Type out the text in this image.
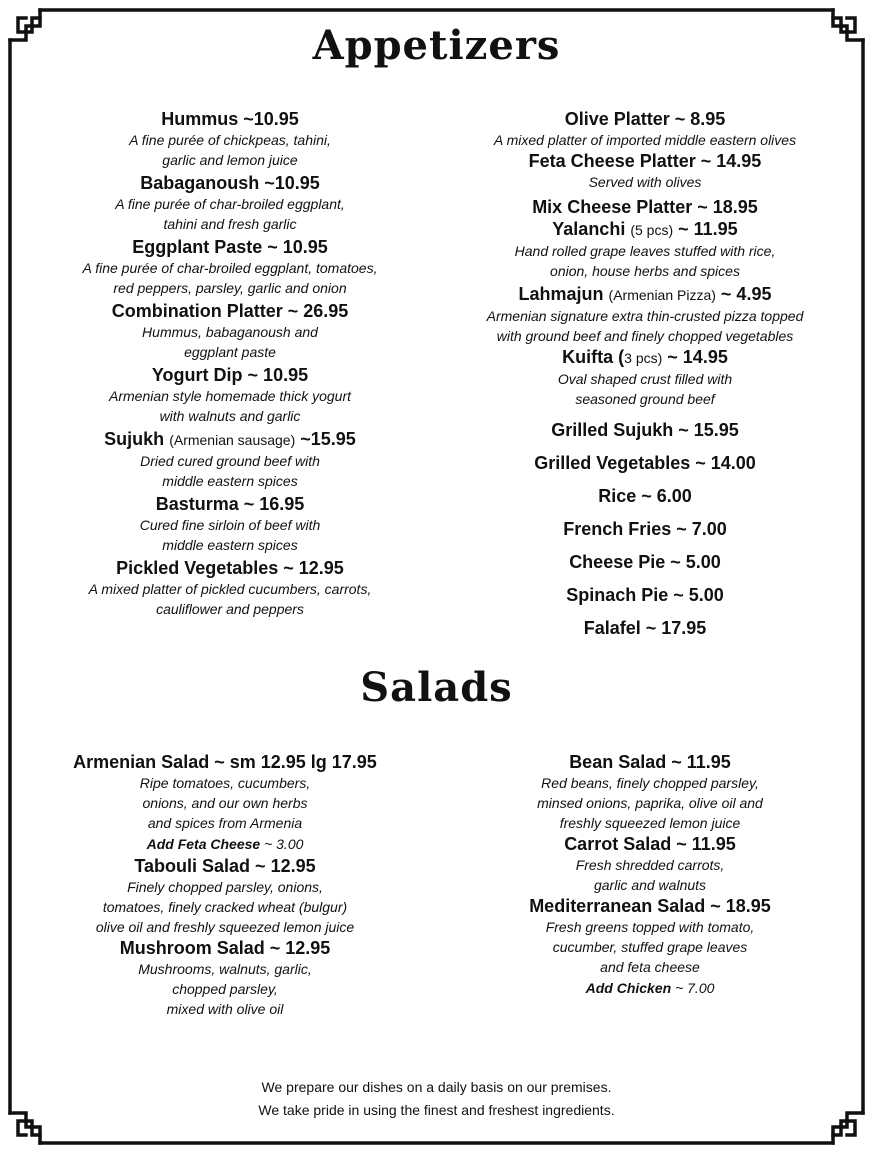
Appetizers
Hummus ~10.95
A fine purée of chickpeas, tahini,
garlic and lemon juice
Babaganoush ~10.95
A fine purée of char-broiled eggplant,
tahini and fresh garlic
Eggplant Paste ~ 10.95
A fine purée of char-broiled eggplant, tomatoes,
red peppers, parsley, garlic and onion
Combination Platter ~ 26.95
Hummus, babaganoush and
eggplant paste
Yogurt Dip ~ 10.95
Armenian style homemade thick yogurt
with walnuts and garlic
Sujukh (Armenian sausage) ~15.95
Dried cured ground beef with
middle eastern spices
Basturma ~ 16.95
Cured fine sirloin of beef with
middle eastern spices
Pickled Vegetables ~ 12.95
A mixed platter of pickled cucumbers, carrots,
cauliflower and peppers
Olive Platter ~ 8.95
A mixed platter of imported middle eastern olives
Feta Cheese Platter ~ 14.95
Served with olives
Mix Cheese Platter ~ 18.95
Yalanchi (5 pcs) ~ 11.95
Hand rolled grape leaves stuffed with rice,
onion, house herbs and spices
Lahmajun (Armenian Pizza) ~ 4.95
Armenian signature extra thin-crusted pizza topped
with ground beef and finely chopped vegetables
Kuifta (3 pcs) ~ 14.95
Oval shaped crust filled with
seasoned ground beef
Grilled Sujukh ~ 15.95
Grilled Vegetables ~ 14.00
Rice ~ 6.00
French Fries ~ 7.00
Cheese Pie ~ 5.00
Spinach Pie ~ 5.00
Falafel ~ 17.95
Salads
Armenian Salad ~ sm 12.95 lg 17.95
Ripe tomatoes, cucumbers,
onions, and our own herbs
and spices from Armenia
Add Feta Cheese ~ 3.00
Tabouli Salad ~ 12.95
Finely chopped parsley, onions,
tomatoes, finely cracked wheat (bulgur)
olive oil and freshly squeezed lemon juice
Mushroom Salad ~ 12.95
Mushrooms, walnuts, garlic,
chopped parsley,
mixed with olive oil
Bean Salad ~ 11.95
Red beans, finely chopped parsley,
minsed onions, paprika, olive oil and
freshly squeezed lemon juice
Carrot Salad ~ 11.95
Fresh shredded carrots,
garlic and walnuts
Mediterranean Salad ~ 18.95
Fresh greens topped with tomato,
cucumber, stuffed grape leaves
and feta cheese
Add Chicken ~ 7.00
We prepare our dishes on a daily basis on our premises.
We take pride in using the finest and freshest ingredients.
